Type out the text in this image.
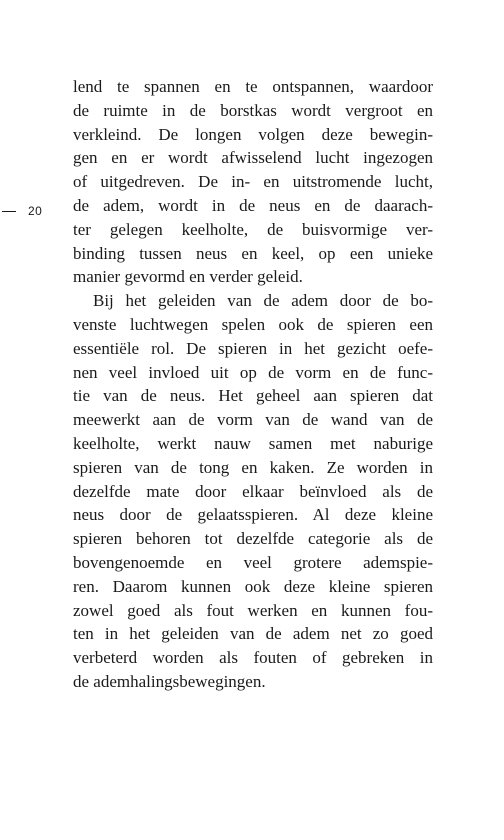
20
lend te spannen en te ontspannen, waardoor
de ruimte in de borstkas wordt vergroot en
verkleind. De longen volgen deze bewegin-
gen en er wordt afwisselend lucht ingezogen
of uitgedreven. De in- en uitstromende lucht,
de adem, wordt in de neus en de daarach-
ter gelegen keelholte, de buisvormige ver-
binding tussen neus en keel, op een unieke
manier gevormd en verder geleid.
Bij het geleiden van de adem door de bo-
venste luchtwegen spelen ook de spieren een
essentiële rol. De spieren in het gezicht oefe-
nen veel invloed uit op de vorm en de func-
tie van de neus. Het geheel aan spieren dat
meewerkt aan de vorm van de wand van de
keelholte, werkt nauw samen met naburige
spieren van de tong en kaken. Ze worden in
dezelfde mate door elkaar beïnvloed als de
neus door de gelaatsspieren. Al deze kleine
spieren behoren tot dezelfde categorie als de
bovengenoemde en veel grotere ademspie-
ren. Daarom kunnen ook deze kleine spieren
zowel goed als fout werken en kunnen fou-
ten in het geleiden van de adem net zo goed
verbeterd worden als fouten of gebreken in
de ademhalingsbewegingen.
